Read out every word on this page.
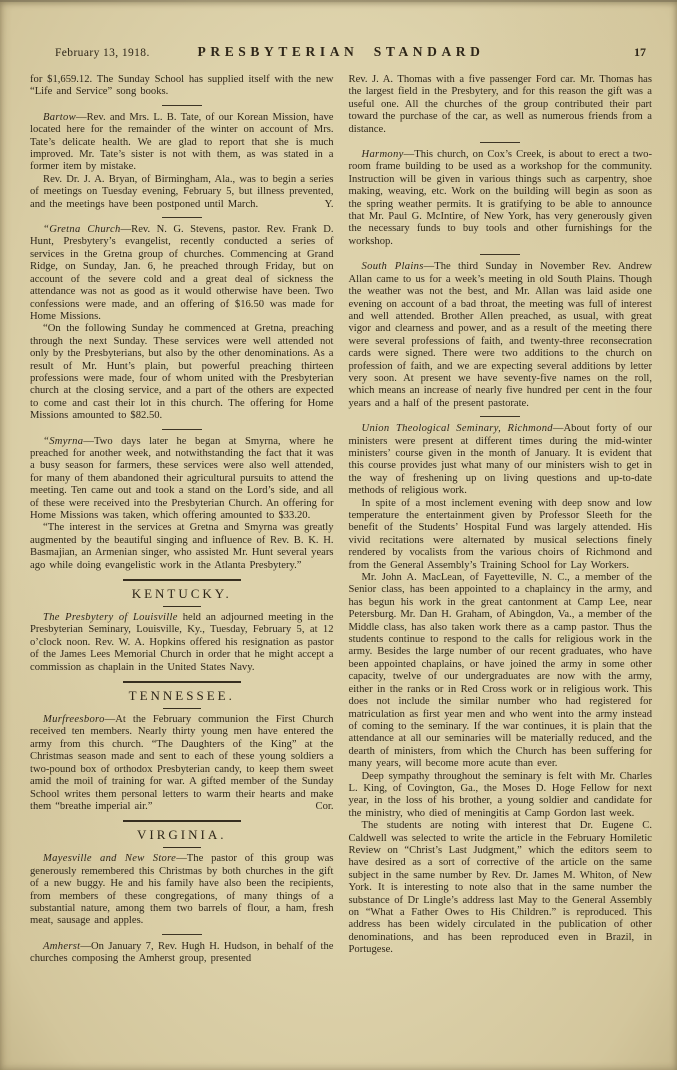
February 13, 1918.	PRESBYTERIAN STANDARD	17

for $1,659.12. The Sunday School has supplied itself with the new “Life and Service” song books.

Bartow—Rev. and Mrs. L. B. Tate, of our Korean Mission, have located here for the remainder of the winter on account of Mrs. Tate’s delicate health. We are glad to report that she is much improved. Mr. Tate’s sister is not with them, as was stated in a former item by mistake.

Rev. Dr. J. A. Bryan, of Birmingham, Ala., was to begin a series of meetings on Tuesday evening, February 5, but illness prevented, and the meetings have been postponed until March.	Y.

“Gretna Church—Rev. N. G. Stevens, pastor. Rev. Frank D. Hunt, Presbytery’s evangelist, recently conducted a series of services in the Gretna group of churches. Commencing at Grand Ridge, on Sunday, Jan. 6, he preached through Friday, but on account of the severe cold and a great deal of sickness the attendance was not as good as it would otherwise have been. Two confessions were made, and an offering of $16.50 was made for Home Missions.

“On the following Sunday he commenced at Gretna, preaching through the next Sunday. These services were well attended not only by the Presbyterians, but also by the other denominations. As a result of Mr. Hunt’s plain, but powerful preaching thirteen professions were made, four of whom united with the Presbyterian church at the closing service, and a part of the others are expected to come and cast their lot in this church. The offering for Home Missions amounted to $82.50.

“Smyrna—Two days later he began at Smyrna, where he preached for another week, and notwithstanding the fact that it was a busy season for farmers, these services were also well attended, for many of them abandoned their agricultural pursuits to attend the meeting. Ten came out and took a stand on the Lord’s side, and all of these were received into the Presbyterian Church. An offering for Home Missions was taken, which offering amounted to $33.20.

“The interest in the services at Gretna and Smyrna was greatly augmented by the beautiful singing and influence of Rev. B. K. H. Basmajian, an Armenian singer, who assisted Mr. Hunt several years ago while doing evangelistic work in the Atlanta Presbytery.”

KENTUCKY.

The Presbytery of Louisville held an adjourned meeting in the Presbyterian Seminary, Louisville, Ky., Tuesday, February 5, at 12 o’clock noon. Rev. W. A. Hopkins offered his resignation as pastor of the James Lees Memorial Church in order that he might accept a commission as chaplain in the United States Navy.

TENNESSEE.

Murfreesboro—At the February communion the First Church received ten members. Nearly thirty young men have entered the army from this church. “The Daughters of the King” at the Christmas season made and sent to each of these young soldiers a two-pound box of orthodox Presbyterian candy, to keep them sweet amid the moil of training for war. A gifted member of the Sunday School writes them personal letters to warm their hearts and make them “breathe imperial air.”	Cor.

VIRGINIA.

Mayesville and New Store—The pastor of this group was generously remembered this Christmas by both churches in the gift of a new buggy. He and his family have also been the recipients, from members of these congregations, of many things of a substantial nature, among them two barrels of flour, a ham, fresh meat, sausage and apples.

Amherst—On January 7, Rev. Hugh H. Hudson, in behalf of the churches composing the Amherst group, presented

Rev. J. A. Thomas with a five passenger Ford car. Mr. Thomas has the largest field in the Presbytery, and for this reason the gift was a useful one. All the churches of the group contributed their part toward the purchase of the car, as well as numerous friends from a distance.

Harmony—This church, on Cox’s Creek, is about to erect a two-room frame building to be used as a workshop for the community. Instruction will be given in various things such as carpentry, shoe making, weaving, etc. Work on the building will begin as soon as the spring weather permits. It is gratifying to be able to announce that Mr. Paul G. McIntire, of New York, has very generously given the necessary funds to buy tools and other furnishings for the workshop.

South Plains—The third Sunday in November Rev. Andrew Allan came to us for a week’s meeting in old South Plains. Though the weather was not the best, and Mr. Allan was laid aside one evening on account of a bad throat, the meeting was full of interest and well attended. Brother Allen preached, as usual, with great vigor and clearness and power, and as a result of the meeting there were several professions of faith, and twenty-three reconsecration cards were signed. There were two additions to the church on profession of faith, and we are expecting several additions by letter very soon. At present we have seventy-five names on the roll, which means an increase of nearly five hundred per cent in the four years and a half of the present pastorate.

Union Theological Seminary, Richmond—About forty of our ministers were present at different times during the mid-winter ministers’ course given in the month of January. It is evident that this course provides just what many of our ministers wish to get in the way of freshening up on living questions and up-to-date methods of religious work.

In spite of a most inclement evening with deep snow and low temperature the entertainment given by Professor Sleeth for the benefit of the Students’ Hospital Fund was largely attended. His vivid recitations were alternated by musical selections finely rendered by vocalists from the various choirs of Richmond and from the General Assembly’s Training School for Lay Workers.

Mr. John A. MacLean, of Fayetteville, N. C., a member of the Senior class, has been appointed to a chaplaincy in the army, and has begun his work in the great cantonment at Camp Lee, near Petersburg. Mr. Dan H. Graham, of Abingdon, Va., a member of the Middle class, has also taken work there as a camp pastor. Thus the students continue to respond to the calls for religious work in the army. Besides the large number of our recent graduates, who have been appointed chaplains, or have joined the army in some other capacity, twelve of our undergraduates are now with the army, either in the ranks or in Red Cross work or in religious work. This does not include the similar number who had registered for matriculation as first year men and who went into the army instead of coming to the seminary. If the war continues, it is plain that the attendance at all our seminaries will be materially reduced, and the dearth of ministers, from which the Church has been suffering for many years, will become more acute than ever.

Deep sympathy throughout the seminary is felt with Mr. Charles L. King, of Covington, Ga., the Moses D. Hoge Fellow for next year, in the loss of his brother, a young soldier and candidate for the ministry, who died of meningitis at Camp Gordon last week.

The students are noting with interest that Dr. Eugene C. Caldwell was selected to write the article in the February Homiletic Review on “Christ’s Last Judgment,” which the editors seem to have desired as a sort of corrective of the article on the same subject in the same number by Rev. Dr. James M. Whiton, of New York. It is interesting to note also that in the same number the substance of Dr Lingle’s address last May to the General Assembly on “What a Father Owes to His Children.” is reproduced. This address has been widely circulated in the publication of other denominations, and has been reproduced even in Brazil, in Portugese.
